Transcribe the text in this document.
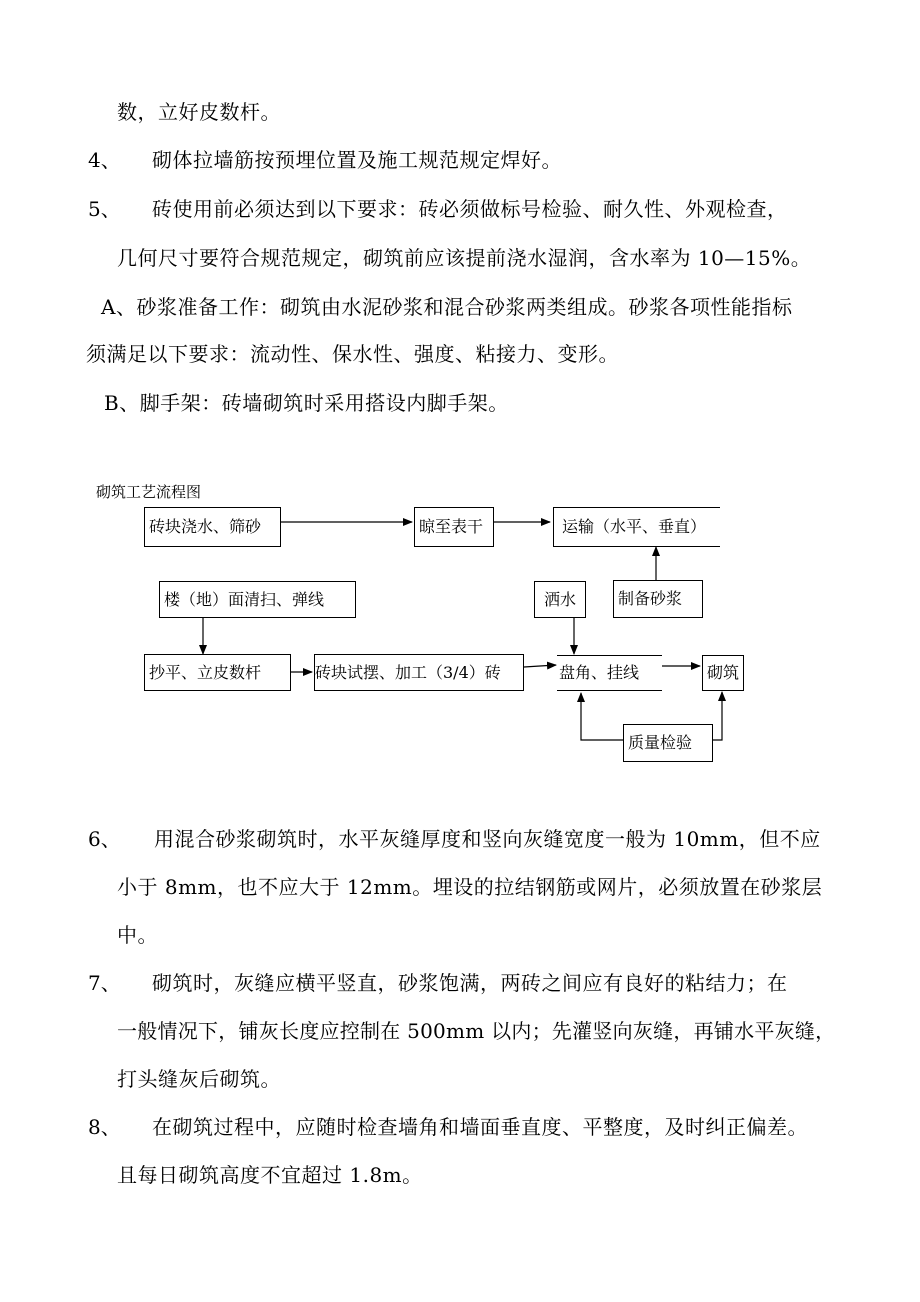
数，立好皮数杆。
4、 砌体拉墙筋按预埋位置及施工规范规定焊好。
5、 砖使用前必须达到以下要求：砖必须做标号检验、耐久性、外观检查，
几何尺寸要符合规范规定，砌筑前应该提前浇水湿润，含水率为 10—15%。
A、砂浆准备工作：砌筑由水泥砂浆和混合砂浆两类组成。砂浆各项性能指标
须满足以下要求：流动性、保水性、强度、粘接力、变形。
B、脚手架：砖墙砌筑时采用搭设内脚手架。
砌筑工艺流程图
砖块浇水、筛砂	晾至表干	运输（水平、垂直）
楼（地）面清扫、弹线	洒水	制备砂浆
抄平、立皮数杆	砖块试摆、加工（3/4）砖	盘角、挂线	砌筑
质量检验
6、 用混合砂浆砌筑时，水平灰缝厚度和竖向灰缝宽度一般为 10mm，但不应
小于 8mm，也不应大于 12mm。埋设的拉结钢筋或网片，必须放置在砂浆层
中。
7、 砌筑时，灰缝应横平竖直，砂浆饱满，两砖之间应有良好的粘结力；在
一般情况下，铺灰长度应控制在 500mm 以内；先灌竖向灰缝，再铺水平灰缝，
打头缝灰后砌筑。
8、 在砌筑过程中，应随时检查墙角和墙面垂直度、平整度，及时纠正偏差。
且每日砌筑高度不宜超过 1.8m。
